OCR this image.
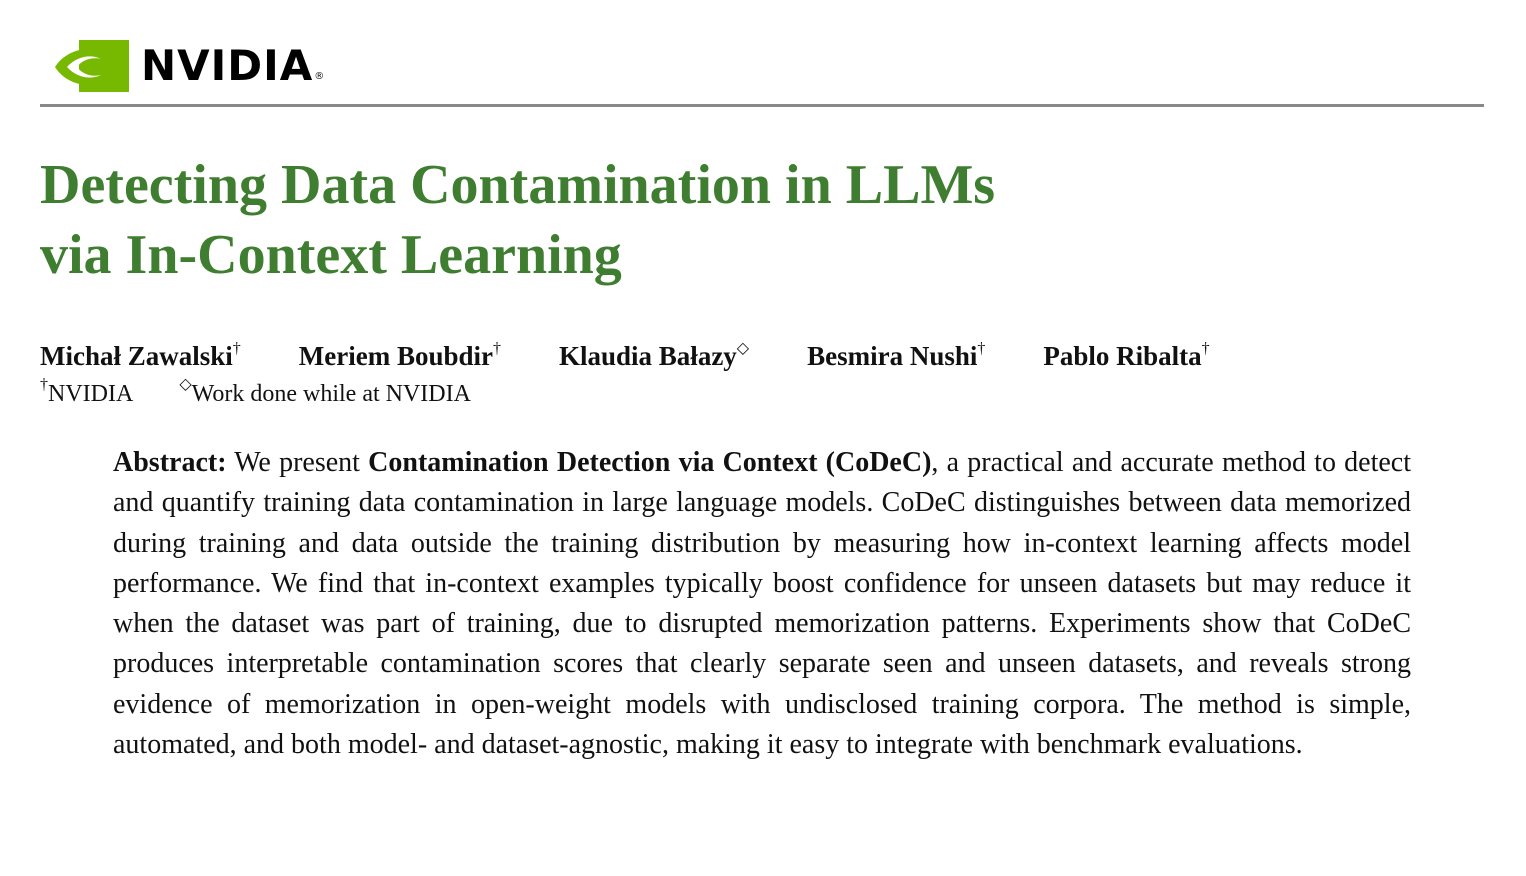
NVIDIA ®
Detecting Data Contamination in LLMs
via In-Context Learning
Michał Zawalski† Meriem Boubdir† Klaudia Bałazy◇ Besmira Nushi† Pablo Ribalta†
†NVIDIA	◇Work done while at NVIDIA

Abstract: We present Contamination Detection via Context (CoDeC), a practical and accurate method to detect and quantify training data contamination in large language models. CoDeC distinguishes between data memorized during training and data outside the training distribution by measuring how in-context learning affects model performance. We find that in-context examples typically boost confidence for unseen datasets but may reduce it when the dataset was part of training, due to disrupted memorization patterns. Experiments show that CoDeC produces interpretable contamination scores that clearly separate seen and unseen datasets, and reveals strong evidence of memorization in open-weight models with undisclosed training corpora. The method is simple, automated, and both model- and dataset-agnostic, making it easy to integrate with benchmark evaluations.
